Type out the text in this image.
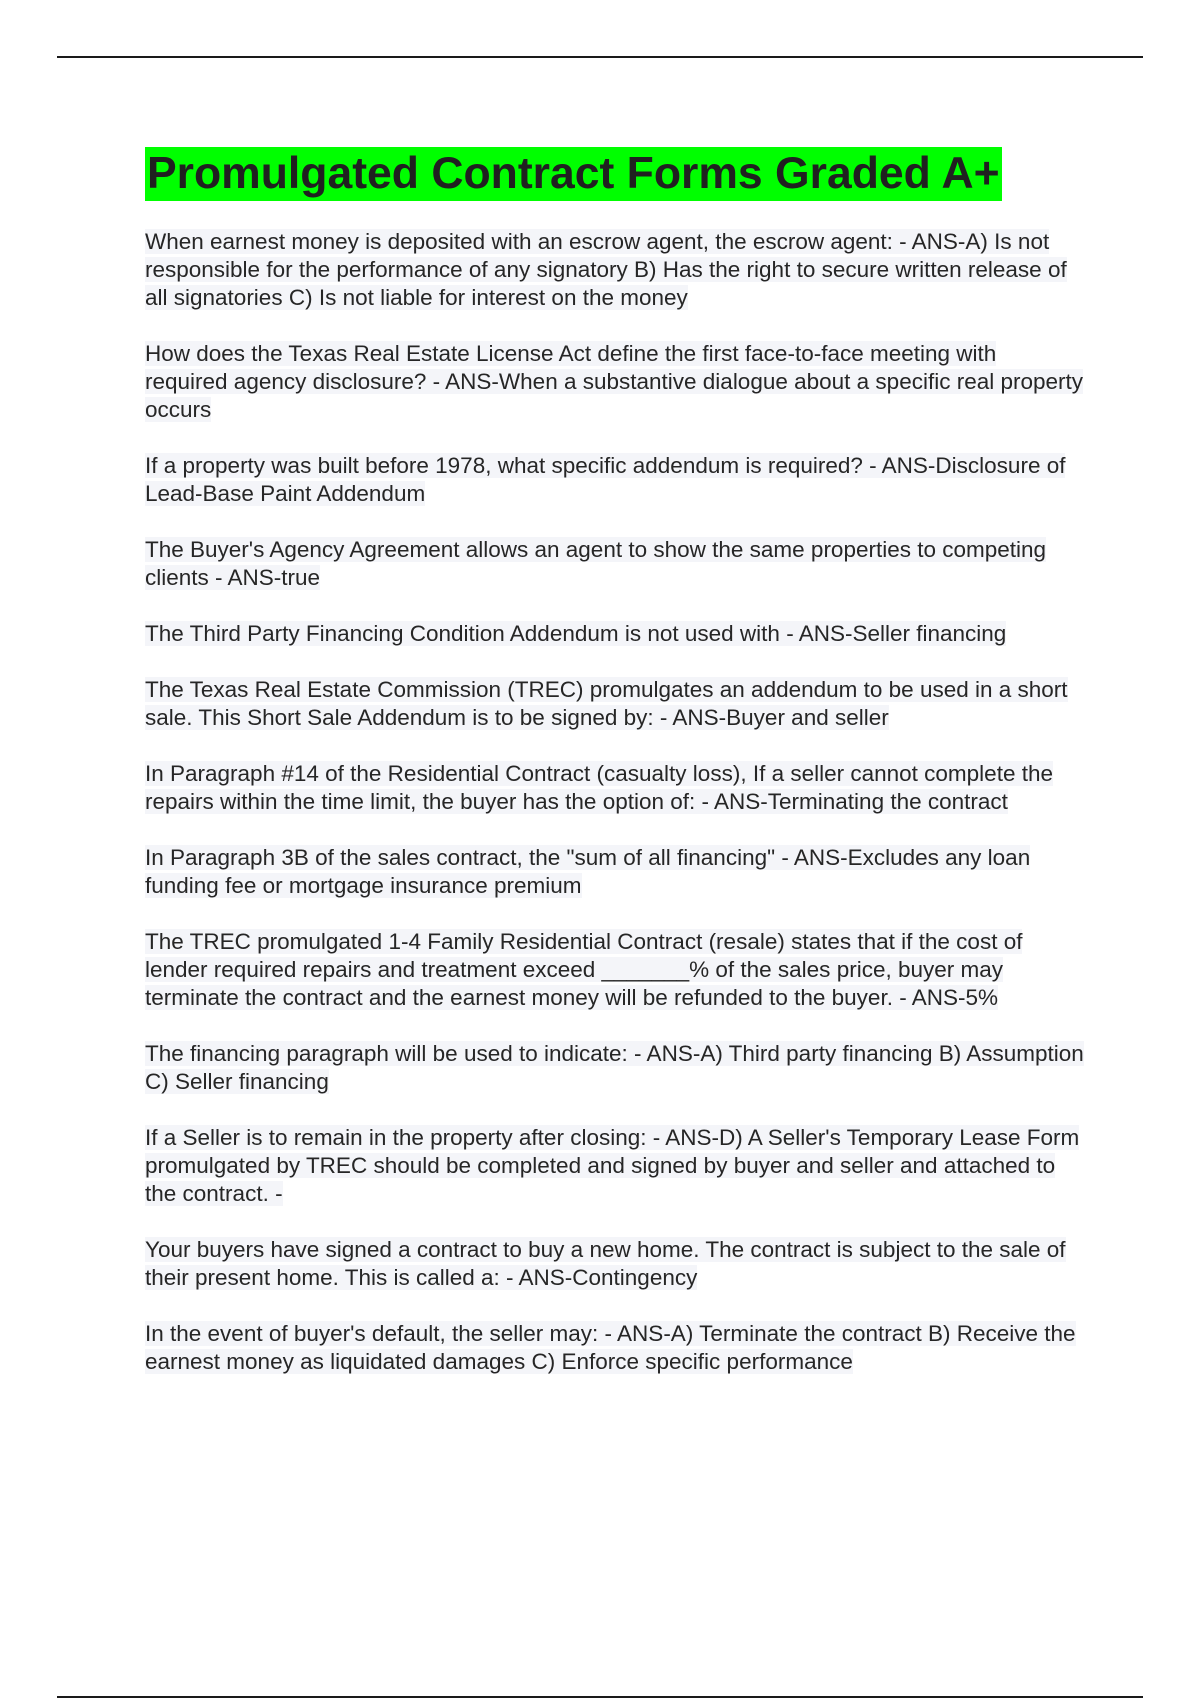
Promulgated Contract Forms Graded A+

When earnest money is deposited with an escrow agent, the escrow agent: - ANS-A) Is not responsible for the performance of any signatory B) Has the right to secure written release of all signatories C) Is not liable for interest on the money

How does the Texas Real Estate License Act define the first face-to-face meeting with required agency disclosure? - ANS-When a substantive dialogue about a specific real property occurs

If a property was built before 1978, what specific addendum is required? - ANS-Disclosure of Lead-Base Paint Addendum

The Buyer's Agency Agreement allows an agent to show the same properties to competing clients - ANS-true

The Third Party Financing Condition Addendum is not used with - ANS-Seller financing

The Texas Real Estate Commission (TREC) promulgates an addendum to be used in a short sale. This Short Sale Addendum is to be signed by: - ANS-Buyer and seller

In Paragraph #14 of the Residential Contract (casualty loss), If a seller cannot complete the repairs within the time limit, the buyer has the option of: - ANS-Terminating the contract

In Paragraph 3B of the sales contract, the "sum of all financing" - ANS-Excludes any loan funding fee or mortgage insurance premium

The TREC promulgated 1-4 Family Residential Contract (resale) states that if the cost of lender required repairs and treatment exceed _______% of the sales price, buyer may terminate the contract and the earnest money will be refunded to the buyer. - ANS-5%

The financing paragraph will be used to indicate: - ANS-A) Third party financing B) Assumption C) Seller financing

If a Seller is to remain in the property after closing: - ANS-D) A Seller's Temporary Lease Form promulgated by TREC should be completed and signed by buyer and seller and attached to the contract. -

Your buyers have signed a contract to buy a new home. The contract is subject to the sale of their present home. This is called a: - ANS-Contingency

In the event of buyer's default, the seller may: - ANS-A) Terminate the contract B) Receive the earnest money as liquidated damages C) Enforce specific performance
